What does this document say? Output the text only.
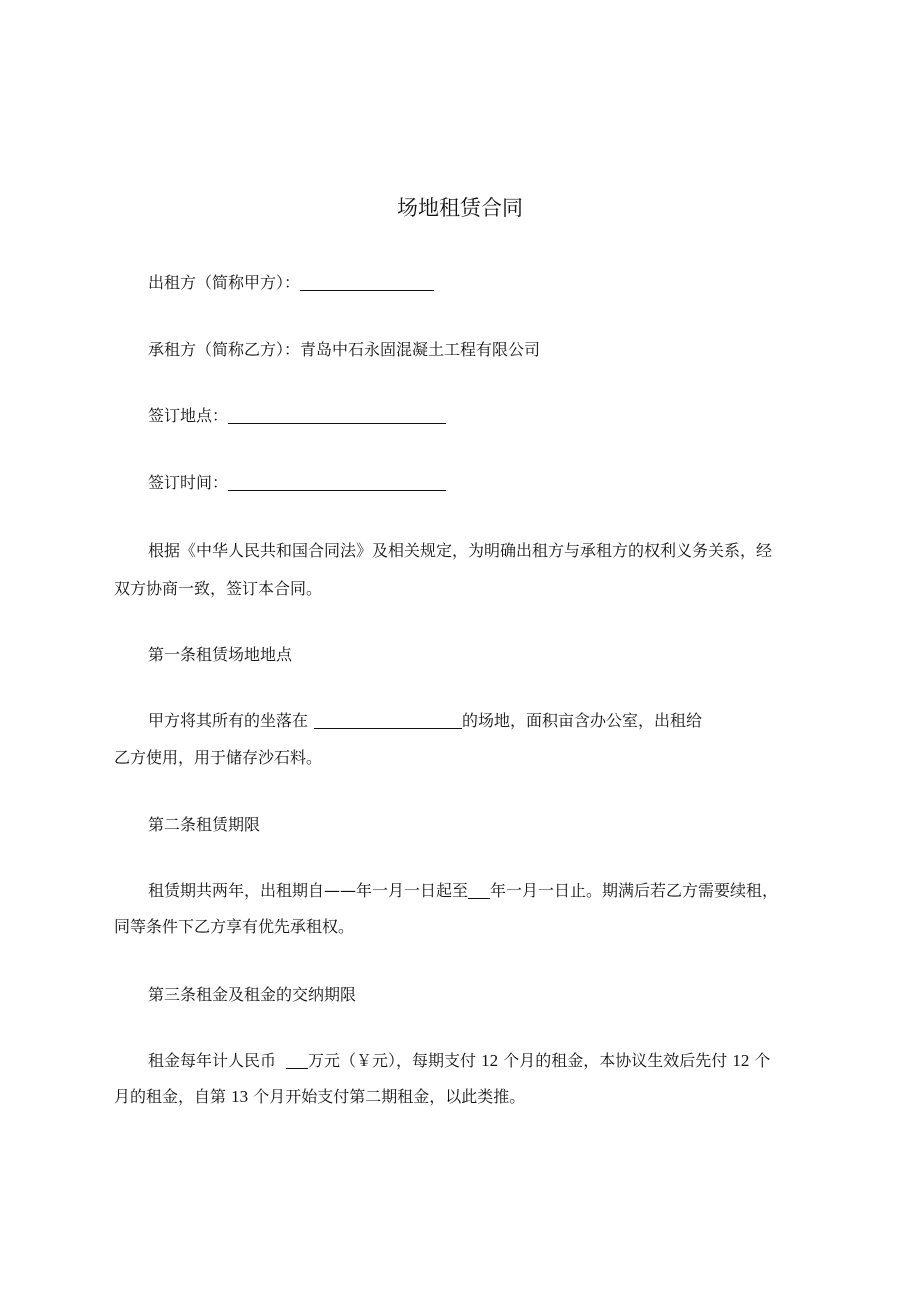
场地租赁合同
出租方（简称甲方）：
承租方（简称乙方）：青岛中石永固混凝土工程有限公司
签订地点：
签订时间：
根据《中华人民共和国合同法》及相关规定，为明确出租方与承租方的权利义务关系，经
双方协商一致，签订本合同。
第一条租赁场地地点
甲方将其所有的坐落在	的场地，面积亩含办公室，出租给
乙方使用，用于储存沙石料。
第二条租赁期限
租赁期共两年，出租期自——年一月一日起至 年一月一日止。期满后若乙方需要续租，
同等条件下乙方享有优先承租权。
第三条租金及租金的交纳期限
租金每年计人民币 万元（￥元），每期支付 12 个月的租金，本协议生效后先付 12 个
月的租金，自第 13 个月开始支付第二期租金，以此类推。
